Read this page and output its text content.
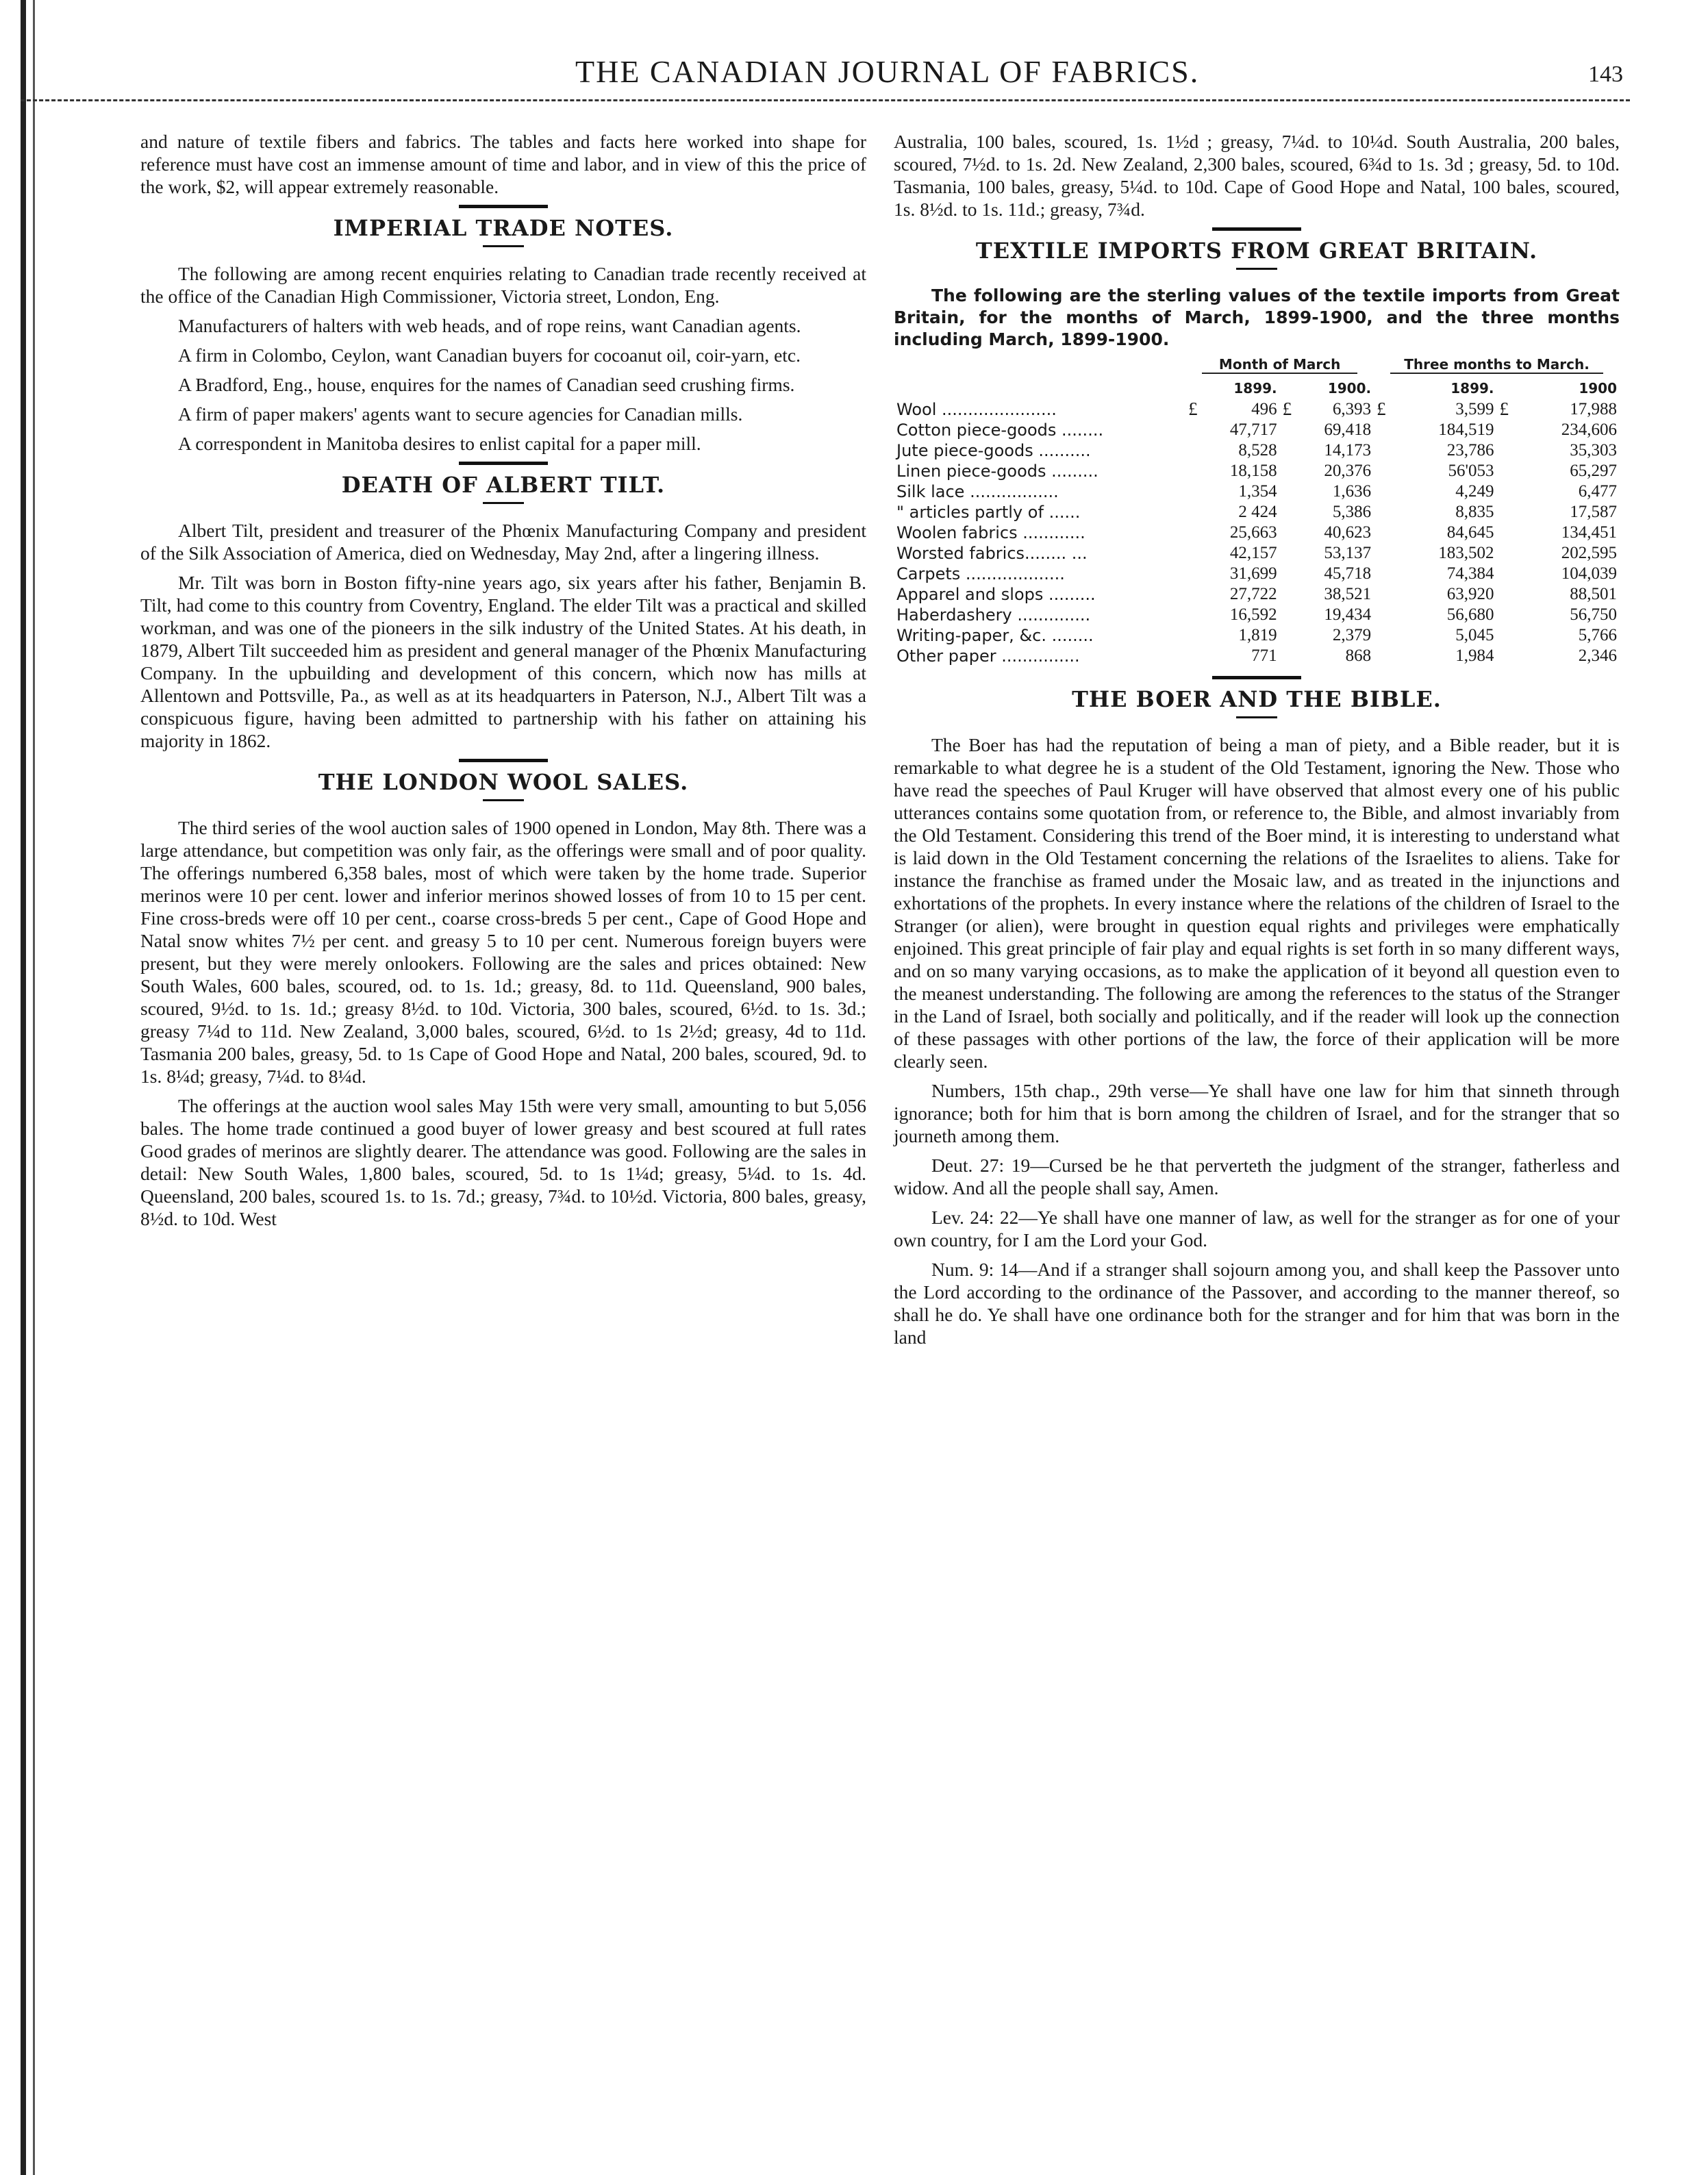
THE CANADIAN JOURNAL OF FABRICS.	143

and nature of textile fibers and fabrics. The tables and facts here worked into shape for reference must have cost an immense amount of time and labor, and in view of this the price of the work, $2, will appear extremely reasonable.

IMPERIAL TRADE NOTES.

The following are among recent enquiries relating to Canadian trade recently received at the office of the Canadian High Commissioner, Victoria street, London, Eng.

Manufacturers of halters with web heads, and of rope reins, want Canadian agents.

A firm in Colombo, Ceylon, want Canadian buyers for cocoanut oil, coir-yarn, etc.

A Bradford, Eng., house, enquires for the names of Canadian seed crushing firms.

A firm of paper makers' agents want to secure agencies for Canadian mills.

A correspondent in Manitoba desires to enlist capital for a paper mill.

DEATH OF ALBERT TILT.

Albert Tilt, president and treasurer of the Phœnix Manufacturing Company and president of the Silk Association of America, died on Wednesday, May 2nd, after a lingering illness.

Mr. Tilt was born in Boston fifty-nine years ago, six years after his father, Benjamin B. Tilt, had come to this country from Coventry, England. The elder Tilt was a practical and skilled workman, and was one of the pioneers in the silk industry of the United States. At his death, in 1879, Albert Tilt succeeded him as president and general manager of the Phœnix Manufacturing Company. In the upbuilding and development of this concern, which now has mills at Allentown and Pottsville, Pa., as well as at its headquarters in Paterson, N.J., Albert Tilt was a conspicuous figure, having been admitted to partnership with his father on attaining his majority in 1862.

THE LONDON WOOL SALES.

The third series of the wool auction sales of 1900 opened in London, May 8th. There was a large attendance, but competition was only fair, as the offerings were small and of poor quality. The offerings numbered 6,358 bales, most of which were taken by the home trade. Superior merinos were 10 per cent. lower and inferior merinos showed losses of from 10 to 15 per cent. Fine cross-breds were off 10 per cent., coarse cross-breds 5 per cent., Cape of Good Hope and Natal snow whites 7½ per cent. and greasy 5 to 10 per cent. Numerous foreign buyers were present, but they were merely onlookers. Following are the sales and prices obtained: New South Wales, 600 bales, scoured, od. to 1s. 1d.; greasy, 8d. to 11d. Queensland, 900 bales, scoured, 9½d. to 1s. 1d.; greasy 8½d. to 10d. Victoria, 300 bales, scoured, 6½d. to 1s. 3d.; greasy 7¼d to 11d. New Zealand, 3,000 bales, scoured, 6½d. to 1s 2½d; greasy, 4d to 11d. Tasmania 200 bales, greasy, 5d. to 1s Cape of Good Hope and Natal, 200 bales, scoured, 9d. to 1s. 8¼d; greasy, 7¼d. to 8¼d.

The offerings at the auction wool sales May 15th were very small, amounting to but 5,056 bales. The home trade continued a good buyer of lower greasy and best scoured at full rates Good grades of merinos are slightly dearer. The attendance was good. Following are the sales in detail: New South Wales, 1,800 bales, scoured, 5d. to 1s 1¼d; greasy, 5¼d. to 1s. 4d. Queensland, 200 bales, scoured 1s. to 1s. 7d.; greasy, 7¾d. to 10½d. Victoria, 800 bales, greasy, 8½d. to 10d. West

Australia, 100 bales, scoured, 1s. 1½d ; greasy, 7¼d. to 10¼d. South Australia, 200 bales, scoured, 7½d. to 1s. 2d. New Zealand, 2,300 bales, scoured, 6¾d to 1s. 3d ; greasy, 5d. to 10d. Tasmania, 100 bales, greasy, 5¼d. to 10d. Cape of Good Hope and Natal, 100 bales, scoured, 1s. 8½d. to 1s. 11d.; greasy, 7¾d.

TEXTILE IMPORTS FROM GREAT BRITAIN.

The following are the sterling values of the textile imports from Great Britain, for the months of March, 1899-1900, and the three months including March, 1899-1900.

	Month of March				Three months to March.			

		1899.		1900.		1899.		1900
Wool ......................	£	496	£	6,393	£	3,599	£	17,988
Cotton piece-goods ........		47,717		69,418		184,519		234,606
Jute piece-goods ..........		8,528		14,173		23,786		35,303
Linen piece-goods .........		18,158		20,376		56'053		65,297
Silk lace .................		1,354		1,636		4,249		6,477
" articles partly of ......		2 424		5,386		8,835		17,587
Woolen fabrics ............		25,663		40,623		84,645		134,451
Worsted fabrics........ ...		42,157		53,137		183,502		202,595
Carpets ...................		31,699		45,718		74,384		104,039
Apparel and slops .........		27,722		38,521		63,920		88,501
Haberdashery ..............		16,592		19,434		56,680		56,750
Writing-paper, &c. ........		1,819		2,379		5,045		5,766
Other paper ...............		771		868		1,984		2,346
THE BOER AND THE BIBLE.

The Boer has had the reputation of being a man of piety, and a Bible reader, but it is remarkable to what degree he is a student of the Old Testament, ignoring the New. Those who have read the speeches of Paul Kruger will have observed that almost every one of his public utterances contains some quotation from, or reference to, the Bible, and almost invariably from the Old Testament. Considering this trend of the Boer mind, it is interesting to understand what is laid down in the Old Testament concerning the relations of the Israelites to aliens. Take for instance the franchise as framed under the Mosaic law, and as treated in the injunctions and exhortations of the prophets. In every instance where the relations of the children of Israel to the Stranger (or alien), were brought in question equal rights and privileges were emphatically enjoined. This great principle of fair play and equal rights is set forth in so many different ways, and on so many varying occasions, as to make the application of it beyond all question even to the meanest understanding. The following are among the references to the status of the Stranger in the Land of Israel, both socially and politically, and if the reader will look up the connection of these passages with other portions of the law, the force of their application will be more clearly seen.

Numbers, 15th chap., 29th verse—Ye shall have one law for him that sinneth through ignorance; both for him that is born among the children of Israel, and for the stranger that so journeth among them.

Deut. 27: 19—Cursed be he that perverteth the judgment of the stranger, fatherless and widow. And all the people shall say, Amen.

Lev. 24: 22—Ye shall have one manner of law, as well for the stranger as for one of your own country, for I am the Lord your God.

Num. 9: 14—And if a stranger shall sojourn among you, and shall keep the Passover unto the Lord according to the ordinance of the Passover, and according to the manner thereof, so shall he do. Ye shall have one ordinance both for the stranger and for him that was born in the land
